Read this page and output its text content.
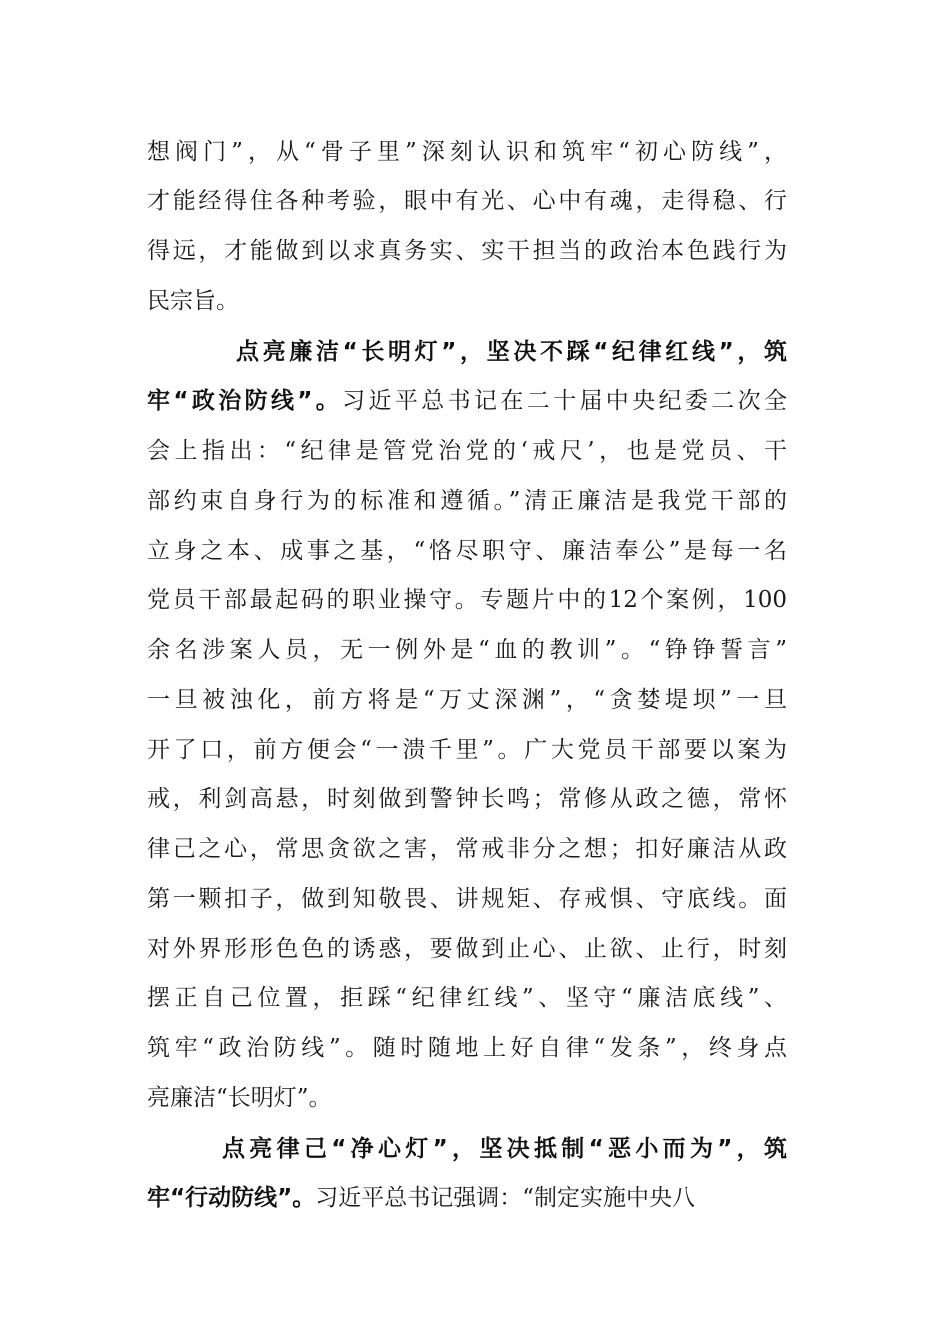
想阀门”，从“骨子里”深刻认识和筑牢“初心防线”，
才能经得住各种考验，眼中有光、心中有魂，走得稳、行
得远，才能做到以求真务实、实干担当的政治本色践行为
民宗旨。
点亮廉洁“长明灯”，坚决不踩“纪律红线”，筑
牢“政治防线”。习近平总书记在二十届中央纪委二次全
会上指出：“纪律是管党治党的‘戒尺’，也是党员、干
部约束自身行为的标准和遵循。”清正廉洁是我党干部的
立身之本、成事之基，“恪尽职守、廉洁奉公”是每一名
党员干部最起码的职业操守。专题片中的12个案例，100
余名涉案人员，无一例外是“血的教训”。“铮铮誓言”
一旦被浊化，前方将是“万丈深渊”，“贪婪堤坝”一旦
开了口，前方便会“一溃千里”。广大党员干部要以案为
戒，利剑高悬，时刻做到警钟长鸣；常修从政之德，常怀
律己之心，常思贪欲之害，常戒非分之想；扣好廉洁从政
第一颗扣子，做到知敬畏、讲规矩、存戒惧、守底线。面
对外界形形色色的诱惑，要做到止心、止欲、止行，时刻
摆正自己位置，拒踩“纪律红线”、坚守“廉洁底线”、
筑牢“政治防线”。随时随地上好自律“发条”，终身点
亮廉洁“长明灯”。
点亮律己“净心灯”，坚决抵制“恶小而为”，筑
牢“行动防线”。习近平总书记强调：“制定实施中央八
